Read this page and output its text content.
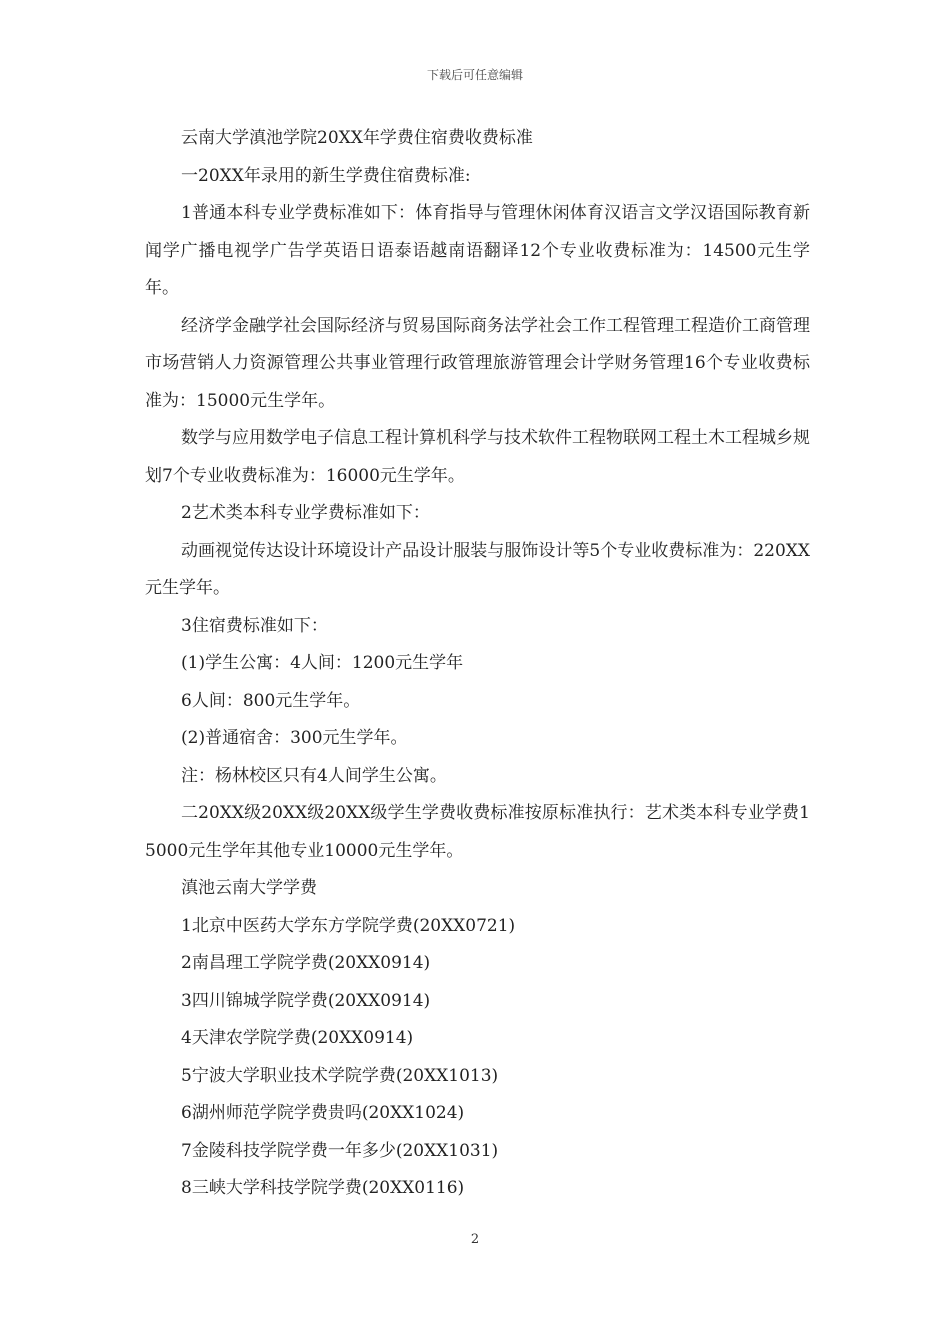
下载后可任意编辑

云南大学滇池学院20XX年学费住宿费收费标准

一20XX年录用的新生学费住宿费标准:

1普通本科专业学费标准如下：体育指导与管理休闲体育汉语言文学汉语国际教育新闻学广播电视学广告学英语日语泰语越南语翻译12个专业收费标准为：14500元生学年。

经济学金融学社会国际经济与贸易国际商务法学社会工作工程管理工程造价工商管理市场营销人力资源管理公共事业管理行政管理旅游管理会计学财务管理16个专业收费标准为：15000元生学年。

数学与应用数学电子信息工程计算机科学与技术软件工程物联网工程土木工程城乡规划7个专业收费标准为：16000元生学年。

2艺术类本科专业学费标准如下：

动画视觉传达设计环境设计产品设计服装与服饰设计等5个专业收费标准为：220XX元生学年。

3住宿费标准如下：

(1)学生公寓：4人间：1200元生学年

6人间：800元生学年。

(2)普通宿舍：300元生学年。

注：杨林校区只有4人间学生公寓。

二20XX级20XX级20XX级学生学费收费标准按原标准执行：艺术类本科专业学费15000元生学年其他专业10000元生学年。

滇池云南大学学费

1北京中医药大学东方学院学费(20XX0721)

2南昌理工学院学费(20XX0914)

3四川锦城学院学费(20XX0914)

4天津农学院学费(20XX0914)

5宁波大学职业技术学院学费(20XX1013)

6湖州师范学院学费贵吗(20XX1024)

7金陵科技学院学费一年多少(20XX1031)

8三峡大学科技学院学费(20XX0116)

2
